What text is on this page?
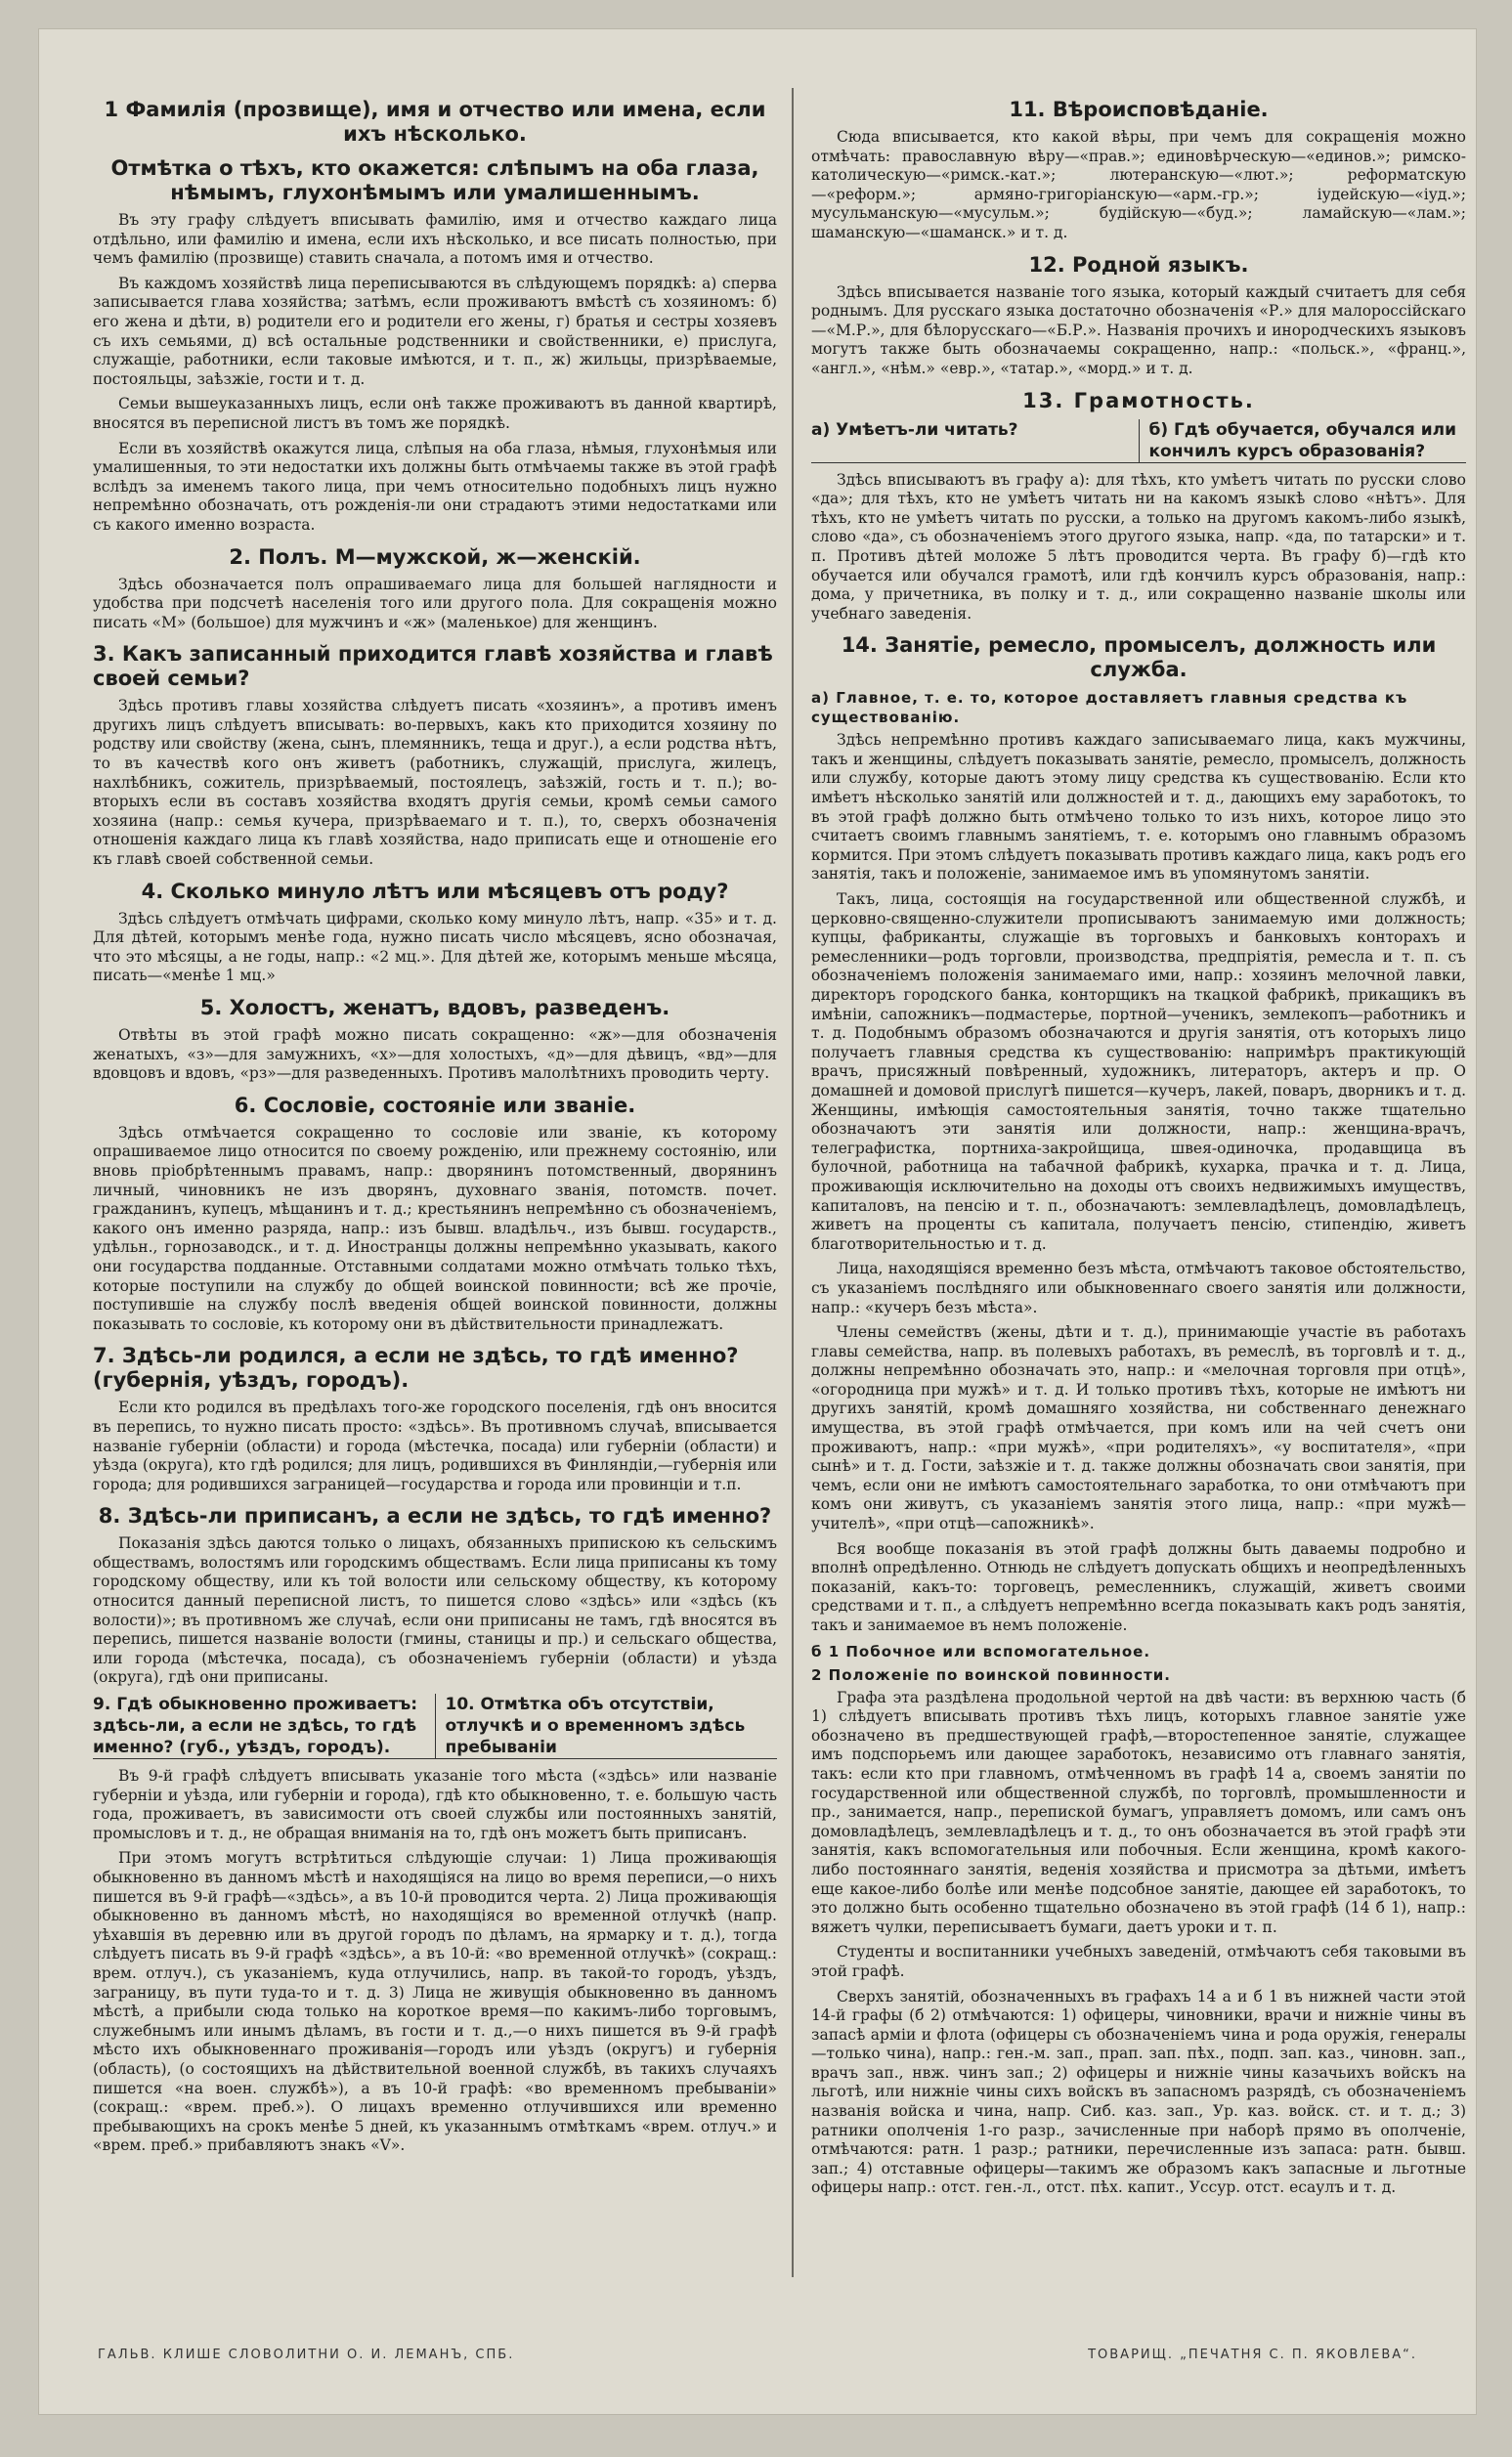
1 Фамилія (прозвище), имя и отчество или имена, если ихъ нѣсколько.
Отмѣтка о тѣхъ, кто окажется: слѣпымъ на оба глаза, нѣмымъ, глухонѣмымъ или умалишеннымъ.

Въ эту графу слѣдуетъ вписывать фамилію, имя и отчество каждаго лица отдѣльно, или фамилію и имена, если ихъ нѣсколько, и все писать полностью, при чемъ фамилію (прозвище) ставить сначала, а потомъ имя и отчество.

Въ каждомъ хозяйствѣ лица переписываются въ слѣдующемъ порядкѣ: а) сперва записывается глава хозяйства; затѣмъ, если проживаютъ вмѣстѣ съ хозяиномъ: б) его жена и дѣти, в) родители его и родители его жены, г) братья и сестры хозяевъ съ ихъ семьями, д) всѣ остальные родственники и свойственники, е) прислуга, служащіе, работники, если таковые имѣются, и т. п., ж) жильцы, призрѣваемые, постояльцы, заѣзжіе, гости и т. д.

Семьи вышеуказанныхъ лицъ, если онѣ также проживаютъ въ данной квартирѣ, вносятся въ переписной листъ въ томъ же порядкѣ.

Если въ хозяйствѣ окажутся лица, слѣпыя на оба глаза, нѣмыя, глухонѣмыя или умалишенныя, то эти недостатки ихъ должны быть отмѣчаемы также въ этой графѣ вслѣдъ за именемъ такого лица, при чемъ относительно подобныхъ лицъ нужно непремѣнно обозначать, отъ рожденія-ли они страдаютъ этими недостатками или съ какого именно возраста.

2. Полъ. М—мужской, ж—женскій.

Здѣсь обозначается полъ опрашиваемаго лица для большей наглядности и удобства при подсчетѣ населенія того или другого пола. Для сокращенія можно писать «М» (большое) для мужчинъ и «ж» (маленькое) для женщинъ.

3. Какъ записанный приходится главѣ хозяйства и главѣ своей семьи?

Здѣсь противъ главы хозяйства слѣдуетъ писать «хозяинъ», а противъ именъ другихъ лицъ слѣдуетъ вписывать: во-первыхъ, какъ кто приходится хозяину по родству или свойству (жена, сынъ, племянникъ, теща и друг.), а если родства нѣтъ, то въ качествѣ кого онъ живетъ (работникъ, служащій, прислуга, жилецъ, нахлѣбникъ, сожитель, призрѣваемый, постоялецъ, заѣзжій, гость и т. п.); во-вторыхъ если въ составъ хозяйства входятъ другія семьи, кромѣ семьи самого хозяина (напр.: семья кучера, призрѣваемаго и т. п.), то, сверхъ обозначенія отношенія каждаго лица къ главѣ хозяйства, надо приписать еще и отношеніе его къ главѣ своей собственной семьи.

4. Сколько минуло лѣтъ или мѣсяцевъ отъ роду?

Здѣсь слѣдуетъ отмѣчать цифрами, сколько кому минуло лѣтъ, напр. «35» и т. д. Для дѣтей, которымъ менѣе года, нужно писать число мѣсяцевъ, ясно обозначая, что это мѣсяцы, а не годы, напр.: «2 мц.». Для дѣтей же, которымъ меньше мѣсяца, писать—«менѣе 1 мц.»

5. Холостъ, женатъ, вдовъ, разведенъ.

Отвѣты въ этой графѣ можно писать сокращенно: «ж»—для обозначенія женатыхъ, «з»—для замужнихъ, «х»—для холостыхъ, «д»—для дѣвицъ, «вд»—для вдовцовъ и вдовъ, «рз»—для разведенныхъ. Противъ малолѣтнихъ проводить черту.

6. Сословіе, состояніе или званіе.

Здѣсь отмѣчается сокращенно то сословіе или званіе, къ которому опрашиваемое лицо относится по своему рожденію, или прежнему состоянію, или вновь пріобрѣтеннымъ правамъ, напр.: дворянинъ потомственный, дворянинъ личный, чиновникъ не изъ дворянъ, духовнаго званія, потомств. почет. гражданинъ, купецъ, мѣщанинъ и т. д.; крестьянинъ непремѣнно съ обозначеніемъ, какого онъ именно разряда, напр.: изъ бывш. владѣльч., изъ бывш. государств., удѣльн., горнозаводск., и т. д. Иностранцы должны непремѣнно указывать, какого они государства подданные. Отставными солдатами можно отмѣчать только тѣхъ, которые поступили на службу до общей воинской повинности; всѣ же прочіе, поступившіе на службу послѣ введенія общей воинской повинности, должны показывать то сословіе, къ которому они въ дѣйствительности принадлежатъ.

7. Здѣсь-ли родился, а если не здѣсь, то гдѣ именно? (губернія, уѣздъ, городъ).

Если кто родился въ предѣлахъ того-же городского поселенія, гдѣ онъ вносится въ перепись, то нужно писать просто: «здѣсь». Въ противномъ случаѣ, вписывается названіе губерніи (области) и города (мѣстечка, посада) или губерніи (области) и уѣзда (округа), кто гдѣ родился; для лицъ, родившихся въ Финляндіи,—губернія или города; для родившихся заграницей—государства и города или провинціи и т.п.

8. Здѣсь-ли приписанъ, а если не здѣсь, то гдѣ именно?

Показанія здѣсь даются только о лицахъ, обязанныхъ припискою къ сельскимъ обществамъ, волостямъ или городскимъ обществамъ. Если лица приписаны къ тому городскому обществу, или къ той волости или сельскому обществу, къ которому относится данный переписной листъ, то пишется слово «здѣсь» или «здѣсь (къ волости)»; въ противномъ же случаѣ, если они приписаны не тамъ, гдѣ вносятся въ перепись, пишется названіе волости (гмины, станицы и пр.) и сельскаго общества, или города (мѣстечка, посада), съ обозначеніемъ губерніи (области) и уѣзда (округа), гдѣ они приписаны.

9. Гдѣ обыкновенно проживаетъ: здѣсь-ли, а если не здѣсь, то гдѣ именно? (губ., уѣздъ, городъ).
10. Отмѣтка объ отсутствіи, отлучкѣ и о временномъ здѣсь пребываніи

Въ 9-й графѣ слѣдуетъ вписывать указаніе того мѣста («здѣсь» или названіе губерніи и уѣзда, или губерніи и города), гдѣ кто обыкновенно, т. е. большую часть года, проживаетъ, въ зависимости отъ своей службы или постоянныхъ занятій, промысловъ и т. д., не обращая вниманія на то, гдѣ онъ можетъ быть приписанъ.

При этомъ могутъ встрѣтиться слѣдующіе случаи: 1) Лица проживающія обыкновенно въ данномъ мѣстѣ и находящіяся на лицо во время переписи,—о нихъ пишется въ 9-й графѣ—«здѣсь», а въ 10-й проводится черта. 2) Лица проживающія обыкновенно въ данномъ мѣстѣ, но находящіяся во временной отлучкѣ (напр. уѣхавшія въ деревню или въ другой городъ по дѣламъ, на ярмарку и т. д.), тогда слѣдуетъ писать въ 9-й графѣ «здѣсь», а въ 10-й: «во временной отлучкѣ» (сокращ.: врем. отлуч.), съ указаніемъ, куда отлучились, напр. въ такой-то городъ, уѣздъ, заграницу, въ пути туда-то и т. д. 3) Лица не живущія обыкновенно въ данномъ мѣстѣ, а прибыли сюда только на короткое время—по какимъ-либо торговымъ, служебнымъ или инымъ дѣламъ, въ гости и т. д.,—о нихъ пишется въ 9-й графѣ мѣсто ихъ обыкновеннаго проживанія—городъ или уѣздъ (округъ) и губернія (область), (о состоящихъ на дѣйствительной военной службѣ, въ такихъ случаяхъ пишется «на воен. службѣ»), а въ 10-й графѣ: «во временномъ пребываніи» (сокращ.: «врем. преб.»). О лицахъ временно отлучившихся или временно пребывающихъ на срокъ менѣе 5 дней, къ указаннымъ отмѣткамъ «врем. отлуч.» и «врем. преб.» прибавляютъ знакъ «V».

11. Вѣроисповѣданіе.

Сюда вписывается, кто какой вѣры, при чемъ для сокращенія можно отмѣчать: православную вѣру—«прав.»; единовѣрческую—«единов.»; римско-католическую—«римск.-кат.»; лютеранскую—«лют.»; реформатскую—«реформ.»; армяно-григоріанскую—«арм.-гр.»; іудейскую—«іуд.»; мусульманскую—«мусульм.»; будійскую—«буд.»; ламайскую—«лам.»; шаманскую—«шаманск.» и т. д.

12. Родной языкъ.

Здѣсь вписывается названіе того языка, который каждый считаетъ для себя роднымъ. Для русскаго языка достаточно обозначенія «Р.» для малороссійскаго—«М.Р.», для бѣлорусскаго—«Б.Р.». Названія прочихъ и инородческихъ языковъ могутъ также быть обозначаемы сокращенно, напр.: «польск.», «франц.», «англ.», «нѣм.» «евр.», «татар.», «морд.» и т. д.

13. Грамотность.
а) Умѣетъ-ли читать?	б) Гдѣ обучается, обучался или кончилъ курсъ образованія?

Здѣсь вписываютъ въ графу а): для тѣхъ, кто умѣетъ читать по русски слово «да»; для тѣхъ, кто не умѣетъ читать ни на какомъ языкѣ слово «нѣтъ». Для тѣхъ, кто не умѣетъ читать по русски, а только на другомъ какомъ-либо языкѣ, слово «да», съ обозначеніемъ этого другого языка, напр. «да, по татарски» и т. п. Противъ дѣтей моложе 5 лѣтъ проводится черта. Въ графу б)—гдѣ кто обучается или обучался грамотѣ, или гдѣ кончилъ курсъ образованія, напр.: дома, у причетника, въ полку и т. д., или сокращенно названіе школы или учебнаго заведенія.

14. Занятіе, ремесло, промыселъ, должность или служба.
а) Главное, т. е. то, которое доставляетъ главныя средства къ существованію.

Здѣсь непремѣнно противъ каждаго записываемаго лица, какъ мужчины, такъ и женщины, слѣдуетъ показывать занятіе, ремесло, промыселъ, должность или службу, которые даютъ этому лицу средства къ существованію. Если кто имѣетъ нѣсколько занятій или должностей и т. д., дающихъ ему заработокъ, то въ этой графѣ должно быть отмѣчено только то изъ нихъ, которое лицо это считаетъ своимъ главнымъ занятіемъ, т. е. которымъ оно главнымъ образомъ кормится. При этомъ слѣдуетъ показывать противъ каждаго лица, какъ родъ его занятія, такъ и положеніе, занимаемое имъ въ упомянутомъ занятіи.

Такъ, лица, состоящія на государственной или общественной службѣ, и церковно-священно-служители прописываютъ занимаемую ими должность; купцы, фабриканты, служащіе въ торговыхъ и банковыхъ конторахъ и ремесленники—родъ торговли, производства, предпріятія, ремесла и т. п. съ обозначеніемъ положенія занимаемаго ими, напр.: хозяинъ мелочной лавки, директоръ городского банка, конторщикъ на ткацкой фабрикѣ, прикащикъ въ имѣніи, сапожникъ—подмастерье, портной—ученикъ, землекопъ—работникъ и т. д. Подобнымъ образомъ обозначаются и другія занятія, отъ которыхъ лицо получаетъ главныя средства къ существованію: напримѣръ практикующій врачъ, присяжный повѣренный, художникъ, литераторъ, актеръ и пр. О домашней и домовой прислугѣ пишется—кучеръ, лакей, поваръ, дворникъ и т. д. Женщины, имѣющія самостоятельныя занятія, точно также тщательно обозначаютъ эти занятія или должности, напр.: женщина-врачъ, телеграфистка, портниха-закройщица, швея-одиночка, продавщица въ булочной, работница на табачной фабрикѣ, кухарка, прачка и т. д. Лица, проживающія исключительно на доходы отъ своихъ недвижимыхъ имуществъ, капиталовъ, на пенсію и т. п., обозначаютъ: землевладѣлецъ, домовладѣлецъ, живетъ на проценты съ капитала, получаетъ пенсію, стипендію, живетъ благотворительностью и т. д.

Лица, находящіяся временно безъ мѣста, отмѣчаютъ таковое обстоятельство, съ указаніемъ послѣдняго или обыкновеннаго своего занятія или должности, напр.: «кучеръ безъ мѣста».

Члены семействъ (жены, дѣти и т. д.), принимающіе участіе въ работахъ главы семейства, напр. въ полевыхъ работахъ, въ ремеслѣ, въ торговлѣ и т. д., должны непремѣнно обозначать это, напр.: и «мелочная торговля при отцѣ», «огородница при мужѣ» и т. д. И только противъ тѣхъ, которые не имѣютъ ни другихъ занятій, кромѣ домашняго хозяйства, ни собственнаго денежнаго имущества, въ этой графѣ отмѣчается, при комъ или на чей счетъ они проживаютъ, напр.: «при мужѣ», «при родителяхъ», «у воспитателя», «при сынѣ» и т. д. Гости, заѣзжіе и т. д. также должны обозначать свои занятія, при чемъ, если они не имѣютъ самостоятельнаго заработка, то они отмѣчаютъ при комъ они живутъ, съ указаніемъ занятія этого лица, напр.: «при мужѣ—учителѣ», «при отцѣ—сапожникѣ».

Вся вообще показанія въ этой графѣ должны быть даваемы подробно и вполнѣ опредѣленно. Отнюдь не слѣдуетъ допускать общихъ и неопредѣленныхъ показаній, какъ-то: торговецъ, ремесленникъ, служащій, живетъ своими средствами и т. п., а слѣдуетъ непремѣнно всегда показывать какъ родъ занятія, такъ и занимаемое въ немъ положеніе.

б 1 Побочное или вспомогательное.
2 Положеніе по воинской повинности.

Графа эта раздѣлена продольной чертой на двѣ части: въ верхнюю часть (б 1) слѣдуетъ вписывать противъ тѣхъ лицъ, которыхъ главное занятіе уже обозначено въ предшествующей графѣ,—второстепенное занятіе, служащее имъ подспорьемъ или дающее заработокъ, независимо отъ главнаго занятія, такъ: если кто при главномъ, отмѣченномъ въ графѣ 14 а, своемъ занятіи по государственной или общественной службѣ, по торговлѣ, промышленности и пр., занимается, напр., перепиской бумагъ, управляетъ домомъ, или самъ онъ домовладѣлецъ, землевладѣлецъ и т. д., то онъ обозначается въ этой графѣ эти занятія, какъ вспомогательныя или побочныя. Если женщина, кромѣ какого-либо постояннаго занятія, веденія хозяйства и присмотра за дѣтьми, имѣетъ еще какое-либо болѣе или менѣе подсобное занятіе, дающее ей заработокъ, то это должно быть особенно тщательно обозначено въ этой графѣ (14 б 1), напр.: вяжетъ чулки, переписываетъ бумаги, даетъ уроки и т. п.

Студенты и воспитанники учебныхъ заведеній, отмѣчаютъ себя таковыми въ этой графѣ.

Сверхъ занятій, обозначенныхъ въ графахъ 14 а и б 1 въ нижней части этой 14-й графы (б 2) отмѣчаются: 1) офицеры, чиновники, врачи и нижніе чины въ запасѣ арміи и флота (офицеры съ обозначеніемъ чина и рода оружія, генералы—только чина), напр.: ген.-м. зап., прап. зап. пѣх., подп. зап. каз., чиновн. зап., врачъ зап., нвж. чинъ зап.; 2) офицеры и нижніе чины казачьихъ войскъ на льготѣ, или нижніе чины сихъ войскъ въ запасномъ разрядѣ, съ обозначеніемъ названія войска и чина, напр. Сиб. каз. зап., Ур. каз. войск. ст. и т. д.; 3) ратники ополченія 1-го разр., зачисленные при наборѣ прямо въ ополченіе, отмѣчаются: ратн. 1 разр.; ратники, перечисленные изъ запаса: ратн. бывш. зап.; 4) отставные офицеры—такимъ же образомъ какъ запасные и льготные офицеры напр.: отст. ген.-л., отст. пѣх. капит., Уссур. отст. есаулъ и т. д.

ГАЛЬВ. КЛИШЕ СЛОВОЛИТНИ О. И. ЛЕМАНЪ, СПБ.	ТОВАРИЩ. „ПЕЧАТНЯ С. П. ЯКОВЛЕВА“.
